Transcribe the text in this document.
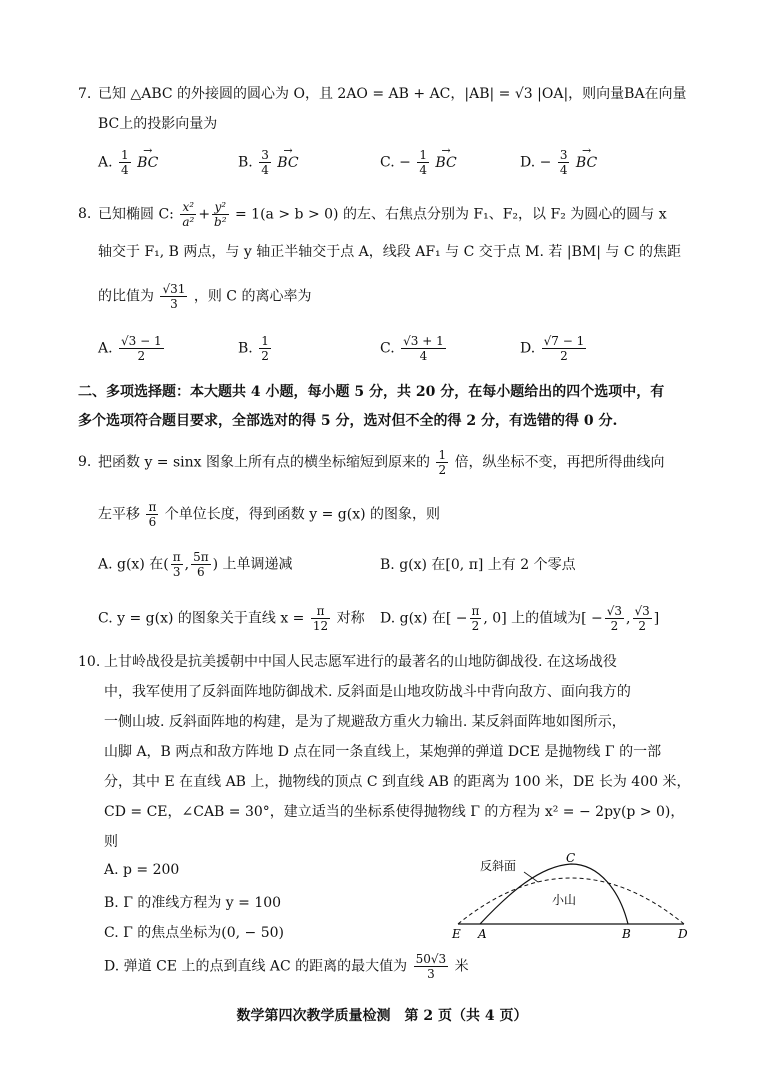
7. 已知 △ABC 的外接圆的圆心为 O，且 2AO = AB + AC，|AB| = √3 |OA|，则向量BA在向量
BC上的投影向量为
A. $\frac{1}{4}$ → BC	B. $\frac{3}{4}$ → BC	C. − $\frac{1}{4}$ → BC	D. − $\frac{3}{4}$ → BC
8. 已知椭圆 C: $\frac{\text{x²}}{\text{a²}} + \frac{\text{y²}}{\text{b²}} = 1(a > b > 0)$ 的左、右焦点分别为 F₁、F₂，以 F₂ 为圆心的圆与 x
轴交于 F₁, B 两点，与 y 轴正半轴交于点 A，线段 AF₁ 与 C 交于点 M. 若 |BM| 与 C 的焦距
的比值为 $\frac{√31}{3}$ ，则 C 的离心率为
A. $\frac{√3 - 1}{2}$	B. $\frac{1}{2}$	C. $\frac{√3 + 1}{4}$	D. $\frac{√7 - 1}{2}$
二、多项选择题：本大题共 4 小题，每小题 5 分，共 20 分，在每小题给出的四个选项中，有
多个选项符合题目要求，全部选对的得 5 分，选对但不全的得 2 分，有选错的得 0 分.
9. 把函数 y = sinx 图象上所有点的横坐标缩短到原来的 $\frac{1}{2}$ 倍，纵坐标不变，再把所得曲线向
左平移 $\frac{\pi}{6}$ 个单位长度，得到函数 y = g(x) 的图象，则
A. g(x) 在( $\frac{\pi}{3}$ , $\frac{5\pi}{6}$ ) 上单调递减	B. g(x) 在[0, π] 上有 2 个零点
C. y = g(x) 的图象关于直线 $x = \frac{\pi}{12}$ 对称 D. g(x) 在[ − $\frac{\pi}{2}$ , 0] 上的值域为[ − $\frac{√3}{2}$ , $\frac{√3}{2}$ ]
10. 上甘岭战役是抗美援朝中中国人民志愿军进行的最著名的山地防御战役. 在这场战役
中，我军使用了反斜面阵地防御战术. 反斜面是山地攻防战斗中背向敌方、面向我方的
一侧山坡. 反斜面阵地的构建，是为了规避敌方重火力输出. 某反斜面阵地如图所示，
山脚 A，B 两点和敌方阵地 D 点在同一条直线上，某炮弹的弹道 DCE 是抛物线 Γ 的一部
分，其中 E 在直线 AB 上，抛物线的顶点 C 到直线 AB 的距离为 100 米，DE 长为 400 米，
CD = CE，∠CAB = 30°，建立适当的坐标系使得抛物线 Γ 的方程为 x² = − 2py(p > 0)，
则
A. p = 200
B. Γ 的准线方程为 y = 100
C. Γ 的焦点坐标为(0, − 50)
D. 弹道 CE 上的点到直线 AC 的距离的最大值为 $\frac{50√3}{3}$ 米
反斜面
小山
C
E A	B	D
数学第四次教学质量检测　第 2 页（共 4 页）
